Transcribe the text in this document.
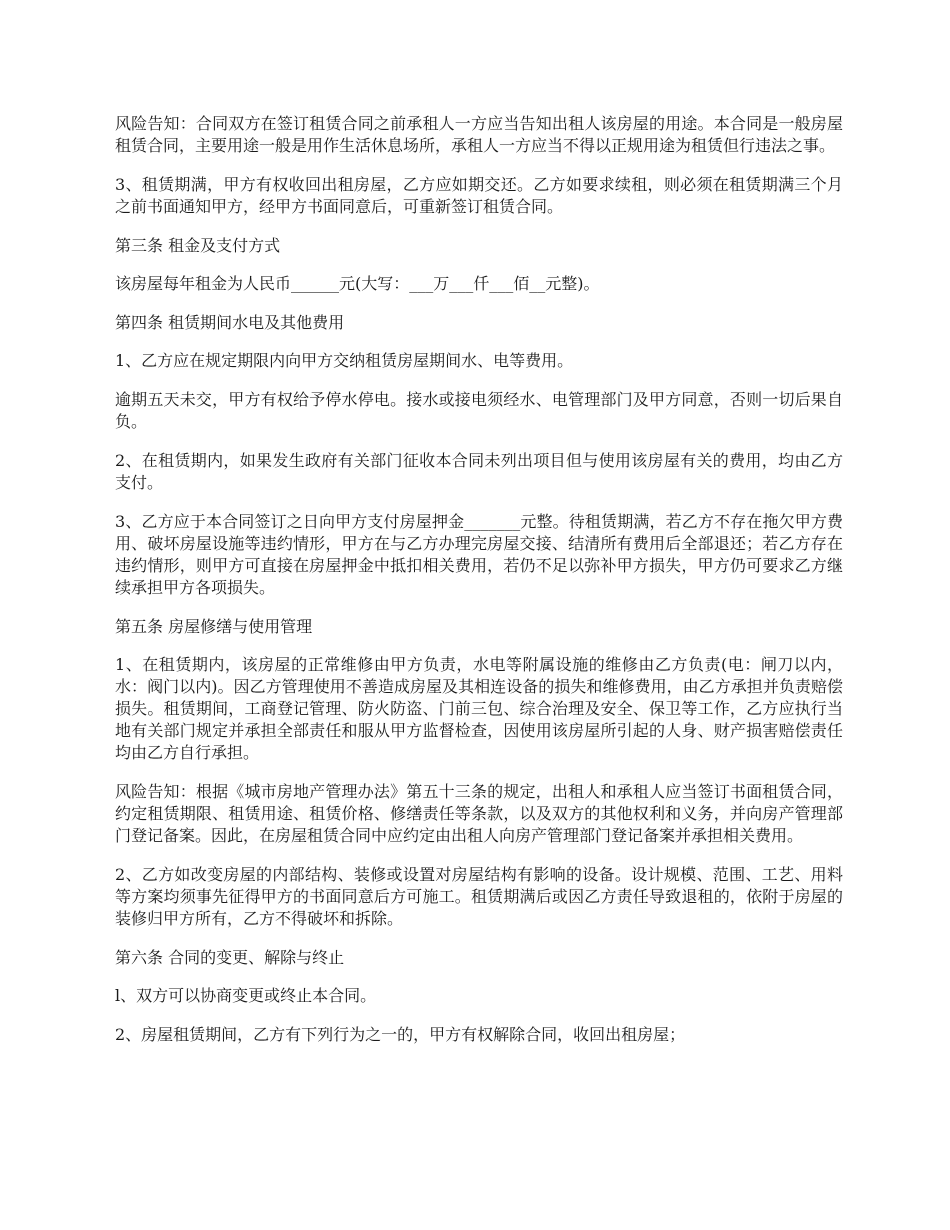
风险告知：合同双方在签订租赁合同之前承租人一方应当告知出租人该房屋的用途。本合同是一般房屋租赁合同，主要用途一般是用作生活休息场所，承租人一方应当不得以正规用途为租赁但行违法之事。

3、租赁期满，甲方有权收回出租房屋，乙方应如期交还。乙方如要求续租，则必须在租赁期满三个月之前书面通知甲方，经甲方书面同意后，可重新签订租赁合同。

第三条 租金及支付方式

该房屋每年租金为人民币______元(大写：___万___仟___佰__元整)。

第四条 租赁期间水电及其他费用

1、乙方应在规定期限内向甲方交纳租赁房屋期间水、电等费用。

逾期五天未交，甲方有权给予停水停电。接水或接电须经水、电管理部门及甲方同意，否则一切后果自负。

2、在租赁期内，如果发生政府有关部门征收本合同未列出项目但与使用该房屋有关的费用，均由乙方支付。

3、乙方应于本合同签订之日向甲方支付房屋押金_______元整。待租赁期满，若乙方不存在拖欠甲方费用、破坏房屋设施等违约情形，甲方在与乙方办理完房屋交接、结清所有费用后全部退还；若乙方存在违约情形，则甲方可直接在房屋押金中抵扣相关费用，若仍不足以弥补甲方损失，甲方仍可要求乙方继续承担甲方各项损失。

第五条 房屋修缮与使用管理

1、在租赁期内，该房屋的正常维修由甲方负责，水电等附属设施的维修由乙方负责(电：闸刀以内，水：阀门以内)。因乙方管理使用不善造成房屋及其相连设备的损失和维修费用，由乙方承担并负责赔偿损失。租赁期间，工商登记管理、防火防盗、门前三包、综合治理及安全、保卫等工作，乙方应执行当地有关部门规定并承担全部责任和服从甲方监督检查，因使用该房屋所引起的人身、财产损害赔偿责任均由乙方自行承担。

风险告知：根据《城市房地产管理办法》第五十三条的规定，出租人和承租人应当签订书面租赁合同，约定租赁期限、租赁用途、租赁价格、修缮责任等条款，以及双方的其他权利和义务，并向房产管理部门登记备案。因此，在房屋租赁合同中应约定由出租人向房产管理部门登记备案并承担相关费用。

2、乙方如改变房屋的内部结构、装修或设置对房屋结构有影响的设备。设计规模、范围、工艺、用料等方案均须事先征得甲方的书面同意后方可施工。租赁期满后或因乙方责任导致退租的，依附于房屋的装修归甲方所有，乙方不得破坏和拆除。

第六条 合同的变更、解除与终止

l、双方可以协商变更或终止本合同。

2、房屋租赁期间，乙方有下列行为之一的，甲方有权解除合同，收回出租房屋；
